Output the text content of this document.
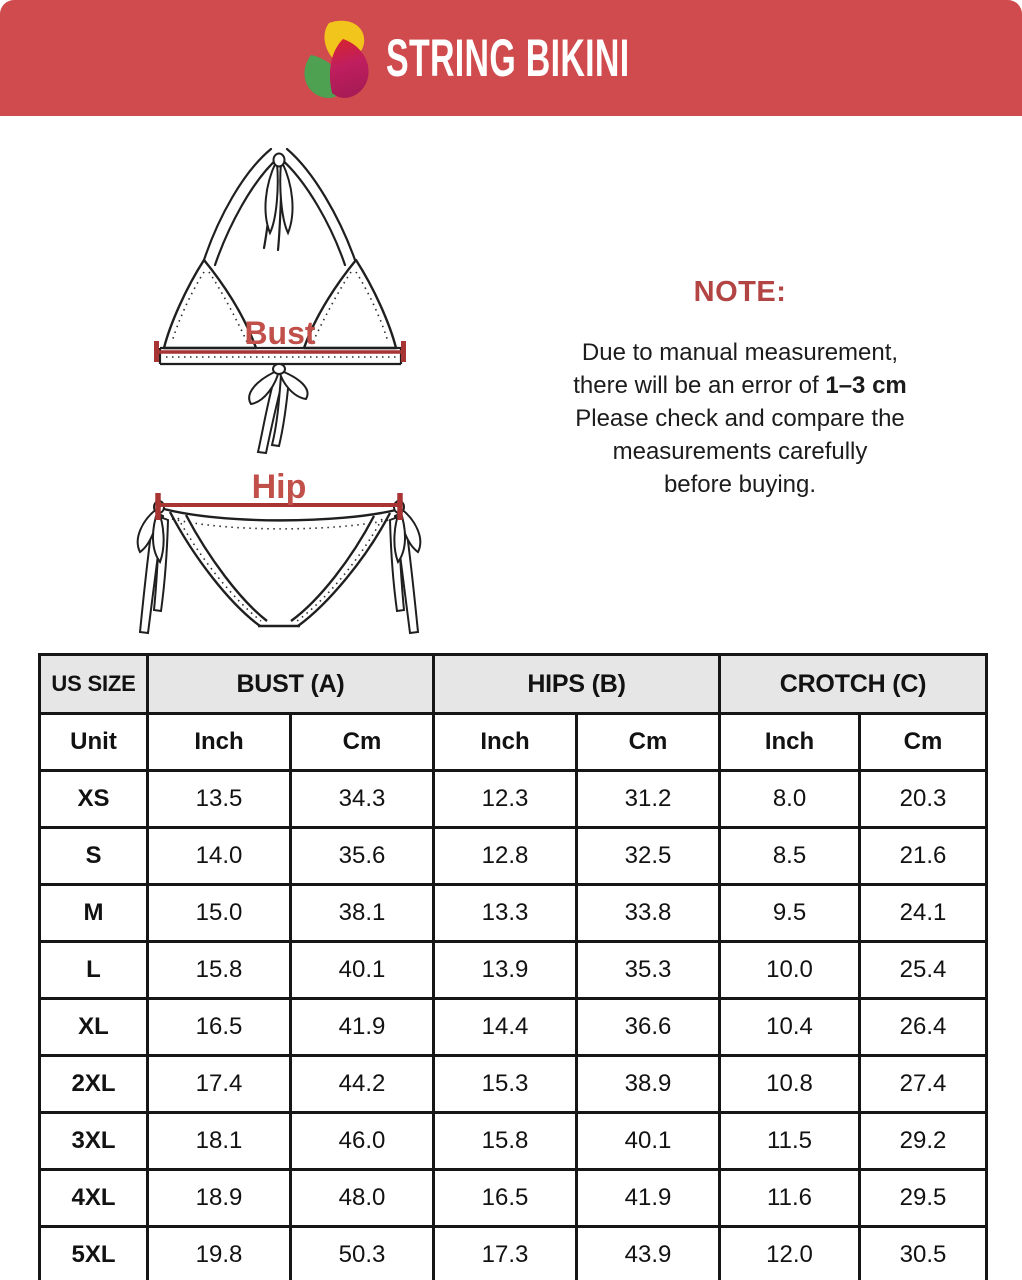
STRING BIKINI
Bust
Hip
NOTE:

Due to manual measurement,
there will be an error of 1–3 cm
Please check and compare the
measurements carefully
before buying.

US SIZE	BUST (A)		HIPS (B)		CROTCH (C)	
Unit	Inch	Cm	Inch	Cm	Inch	Cm
XS	13.5	34.3	12.3	31.2	8.0	20.3
S	14.0	35.6	12.8	32.5	8.5	21.6
M	15.0	38.1	13.3	33.8	9.5	24.1
L	15.8	40.1	13.9	35.3	10.0	25.4
XL	16.5	41.9	14.4	36.6	10.4	26.4
2XL	17.4	44.2	15.3	38.9	10.8	27.4
3XL	18.1	46.0	15.8	40.1	11.5	29.2
4XL	18.9	48.0	16.5	41.9	11.6	29.5
5XL	19.8	50.3	17.3	43.9	12.0	30.5
